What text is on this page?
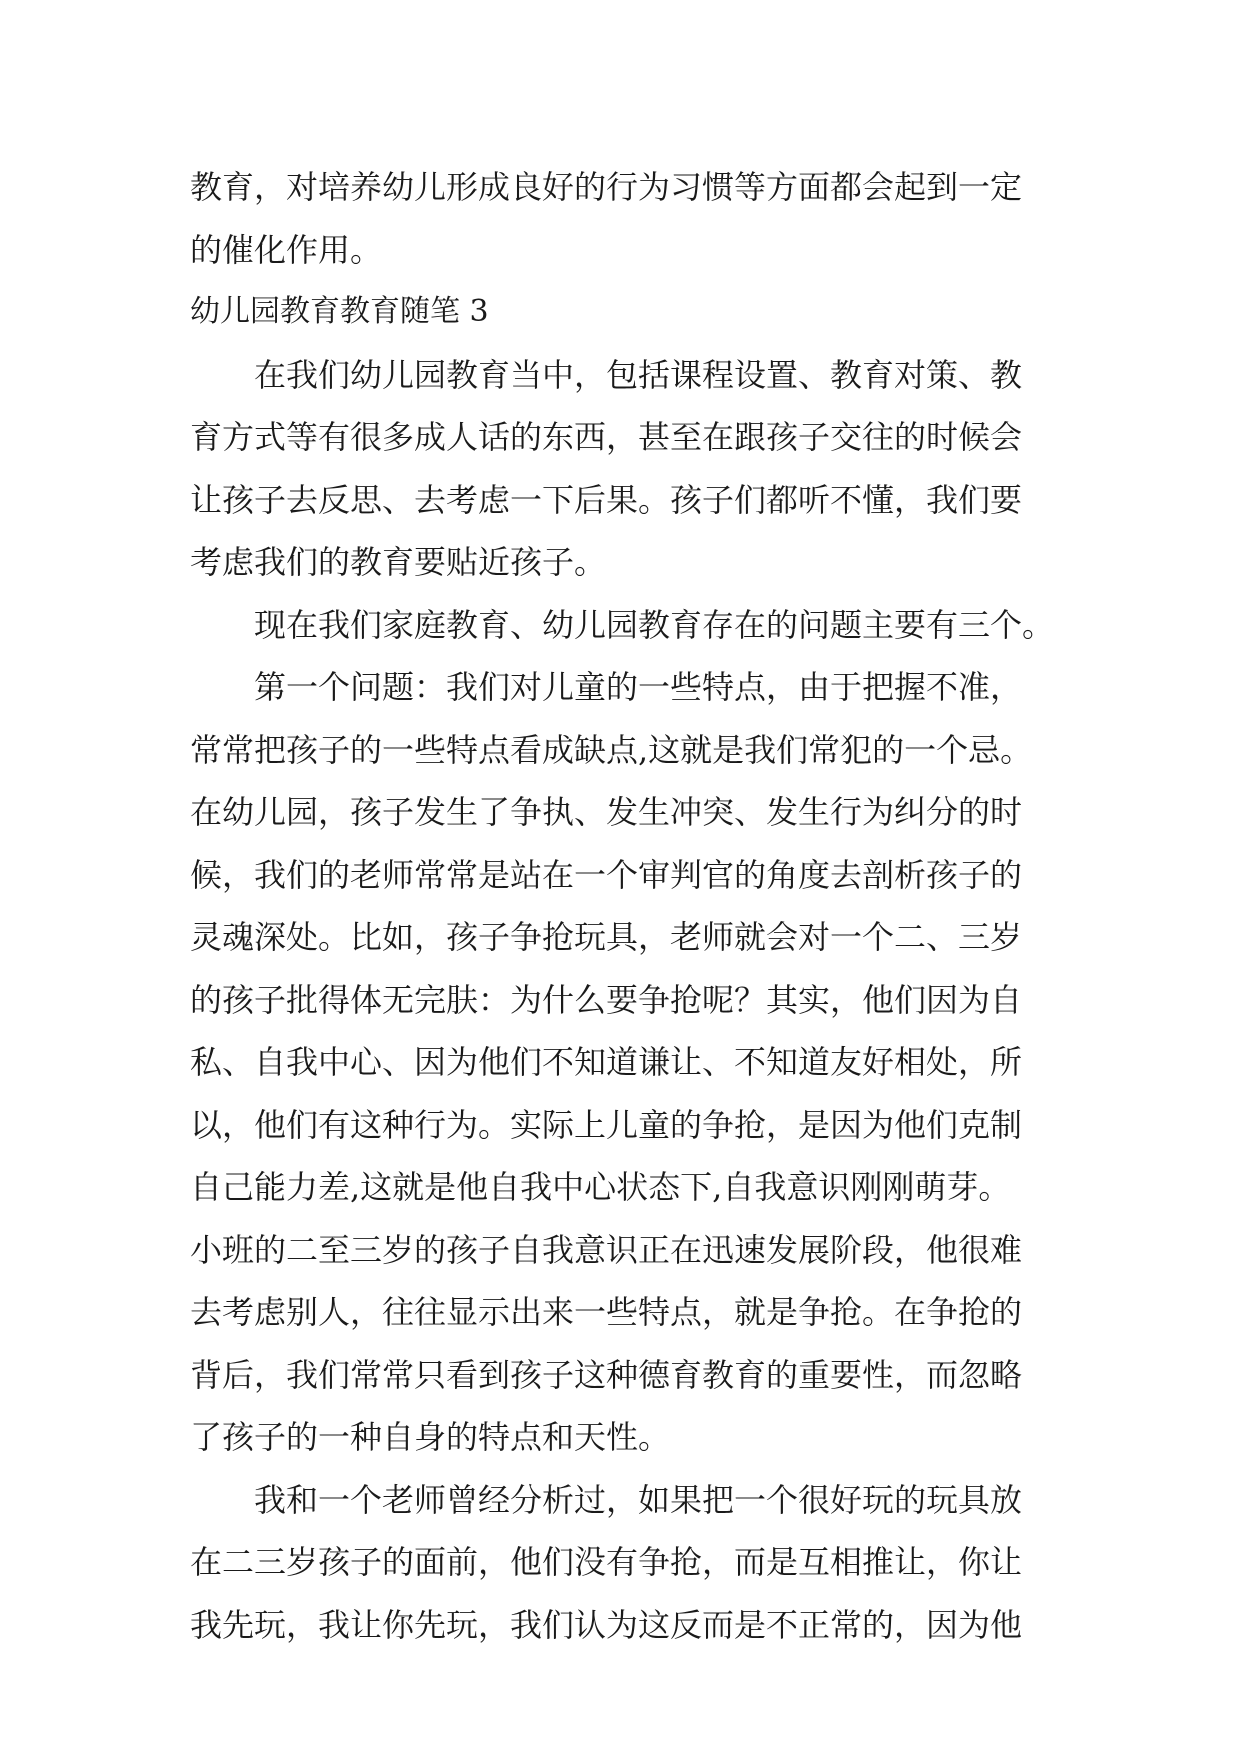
教育，对培养幼儿形成良好的行为习惯等方面都会起到一定
的催化作用。
幼儿园教育教育随笔 3
　　在我们幼儿园教育当中，包括课程设置、教育对策、教
育方式等有很多成人话的东西，甚至在跟孩子交往的时候会
让孩子去反思、去考虑一下后果。孩子们都听不懂，我们要
考虑我们的教育要贴近孩子。
　　现在我们家庭教育、幼儿园教育存在的问题主要有三个。
　　第一个问题：我们对儿童的一些特点，由于把握不准，
常常把孩子的一些特点看成缺点,这就是我们常犯的一个忌。
在幼儿园，孩子发生了争执、发生冲突、发生行为纠分的时
候，我们的老师常常是站在一个审判官的角度去剖析孩子的
灵魂深处。比如，孩子争抢玩具，老师就会对一个二、三岁
的孩子批得体无完肤：为什么要争抢呢？其实，他们因为自
私、自我中心、因为他们不知道谦让、不知道友好相处，所
以，他们有这种行为。实际上儿童的争抢，是因为他们克制
自己能力差,这就是他自我中心状态下,自我意识刚刚萌芽。
小班的二至三岁的孩子自我意识正在迅速发展阶段，他很难
去考虑别人，往往显示出来一些特点，就是争抢。在争抢的
背后，我们常常只看到孩子这种德育教育的重要性，而忽略
了孩子的一种自身的特点和天性。
　　我和一个老师曾经分析过，如果把一个很好玩的玩具放
在二三岁孩子的面前，他们没有争抢，而是互相推让，你让
我先玩，我让你先玩，我们认为这反而是不正常的，因为他
